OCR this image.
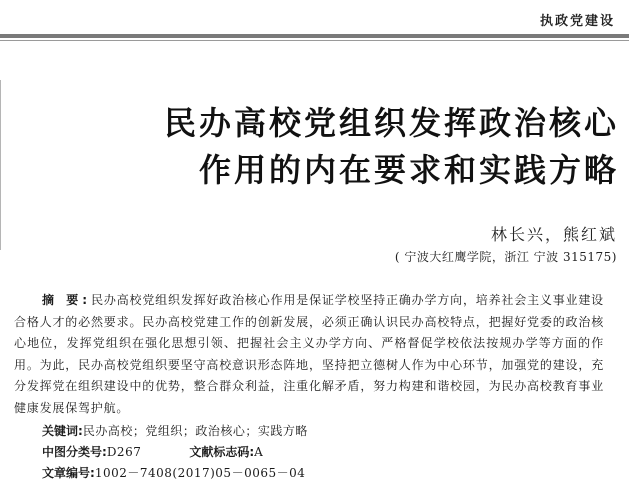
执政党建设
民办高校党组织发挥政治核心
作用的内在要求和实践方略

林长兴，熊红斌

( 宁波大红鹰学院，浙江 宁波 315175)

摘 要:民办高校党组织发挥好政治核心作用是保证学校坚持正确办学方向，培养社会主义事业建设合格人才的必然要求。民办高校党建工作的创新发展，必须正确认识民办高校特点，把握好党委的政治核心地位，发挥党组织在强化思想引领、把握社会主义办学方向、严格督促学校依法按规办学等方面的作用。为此，民办高校党组织要坚守高校意识形态阵地，坚持把立德树人作为中心环节，加强党的建设，充分发挥党在组织建设中的优势，整合群众利益，注重化解矛盾，努力构建和谐校园，为民办高校教育事业健康发展保驾护航。

关键词:民办高校；党组织；政治核心；实践方略

中图分类号:D267	文献标志码:A

文章编号:1002－7408(2017)05－0065－04
